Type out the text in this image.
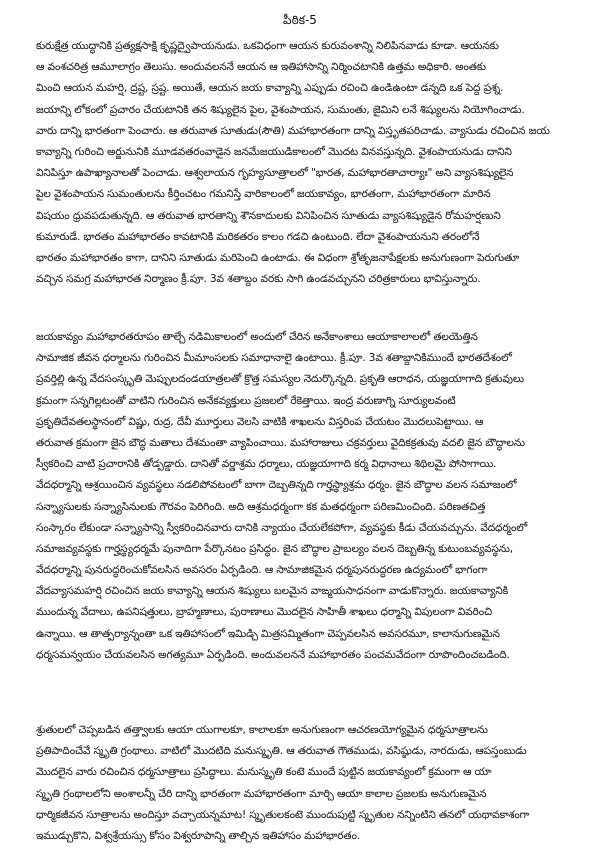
పీఠిక-5
కురుక్షేత్ర యుద్ధానికి ప్రత్యక్షసాక్షి కృష్ణద్వైపాయనుడు. ఒకవిధంగా ఆయన కురువంశాన్ని నిలిపినవాడు కూడా. ఆయనకు
ఆ వంశచరిత్ర ఆమూలాగ్రం తెలుసు. అందువలననే ఆయన ఆ ఇతిహాసాన్ని నిర్మించటానికి ఉత్తమ అధికారి. అంతకు
మించి ఆయన మహర్షి, ద్రష్ట, స్రష్ట. అయితే, ఆయన జయ కావ్యాన్ని ఎప్పుడు రచించి ఉండిఉంటా డన్నది ఒక పెద్ద ప్రశ్న.
జయాన్ని లోకంలో ప్రచారం చేయటానికి తన శిష్యులైన పైల, వైశంపాయన, సుమంతు, జైమిని లనే శిష్యులను నియోగించాడు.
వారు దాన్ని భారతంగా పెంచారు. ఆ తరువాత సూతుడు(సౌతి) మహాభారతంగా దాన్ని విస్తృతపరిచాడు. వ్యాసుడు రచించిన జయ
కావ్యాన్ని గురించి అర్జునునికి మూడవతరంవాడైన జనమేజయుడికాలంలో మొదట వినవస్తున్నది. వైశంపాయనుడు దానిని
వినిపిస్తూ ఉపాఖ్యానాలతో పెంచాడు. ఆశ్వలాయన గృహ్యసూత్రాలలో "భారత, మహాభారతాచార్యాః" అని వ్యాసశిష్యులైన
పైల వైశంపాయన సుమంతులను కీర్తించటం గమనిస్తే వారికాలంలో జయకావ్యం, భారతంగా, మహాభారతంగా మారిన
విషయం ధ్రువపడుతున్నది. ఆ తరువాత భారతాన్ని శౌనకాదులకు వినిపించిన సూతుడు వ్యాసశిష్యుడైన రోమహర్షణుని
కుమారుడే. భారతం మహాభారతం కావటానికి మరికతరం కాలం గడచి ఉంటుంది. లేదా వైశంపాయనుని తరంలోనే
భారతం మహాభారతం కాగా, దానిని సూతుడు మరిపెంచి ఉంటాడు. ఈ విధంగా శ్రోతృజనాపేక్షలకు అనుగుణంగా పెరుగుతూ
వచ్చిన సమగ్ర మహాభారత నిర్మాణం క్రీ.పూ. 3వ శతాబ్దం వరకు సాగి ఉండవచ్చునని చరిత్రకారులు భావిస్తున్నారు.
జయకావ్యం మహాభారతరూపం తాల్చే నడిమికాలంలో అందులో చేరిన అనేకాంశాలు ఆయాకాలాలలో తలయెత్తిన
సామాజిక జీవన ధర్మాలను గురించిన మీమాంసలకు సమాధానాలై ఉంటాయి. క్రీ.పూ. 3వ శతాబ్దానికిముందే భారతదేశంలో
ప్రవర్తిల్లి ఉన్న వేదసంస్కృతి మెప్పులదండయాత్రలతో క్రొత్త సమస్యల నెదుర్కొన్నది. ప్రకృతి ఆరాధన, యజ్ఞయాగాది క్రతువులు
క్రమంగా సన్నగిల్లటంతో వాటిని గురించిన అనేకవ్యక్తులు ప్రజలలో రేకెత్తాయి. ఇంద్ర వరుణాగ్ని సూర్యులవంటి
ప్రకృతిదేవతలస్థానంలో విష్ణు, రుద్ర, దేవీ మూర్తులు వెలసి వాటికి శాఖలను విస్తరింప చేయటం మొదలుపెట్టాయి. ఆ
తరువాత క్రమంగా జైన బౌద్ధ మతాలు దేశమంతా వ్యాపించాయి. మహారాజులు చక్రవర్తులు వైదికక్రతువు వదలి జైన బౌద్ధాలను
స్వీకరించి వాటి ప్రచారానికి తోడ్పడ్డారు. దానితో వర్ణాశ్రమ ధర్మాలు, యజ్ఞయాగాది కర్మ విధానాలు శిథిలమై పోసాగాయి.
వేదధర్మాన్ని ఆశ్రయించిన వ్యవస్థలు నడలిపోవటంలో బాగా దెబ్బతిన్నది గార్హస్థ్యాశ్రమ ధర్మం. జైన బౌద్ధాల వలన సమాజంలో
సన్న్యాసులకు సన్న్యాసినులకు గౌరవం పెరిగింది. అది ఆశ్రమధర్మంగా కక మతధర్మంగా పరిణమించింది. పరిణతచిత్త
సంస్కారం లేకుండా సన్న్యాసాన్ని స్వీకరించినవారు దానికి న్యాయం చేయలేకపోగా, వ్యవస్థకు కీడు చేయవచ్చును. వేదధర్మంలో
సమాజవ్యవస్థకు గార్హస్థ్యధర్మమే పునాదిగా పేర్కొనటం ప్రసిద్ధం. జైన బౌద్ధాల ప్రాబల్యం వలన దెబ్బతిన్న కుటుంబవ్యవస్థను,
వేదధర్మాన్ని పునరుద్ధరించుకోవలసిన అవసరం ఏర్పడింది. ఆ సామాజికమైన ధర్మపునరుద్ధరణ ఉద్యమంలో భాగంగా
వేదవ్యాసమహర్షి రచించిన జయ కావ్యాన్ని ఆయన శిష్యులు బలమైన వాఙ్మయసాధనంగా వాడుకొన్నారు. జయకావ్యానికి
ముందున్న వేదాలు, ఉపనిషత్తులు, బ్రాహ్మణాలు, పురాణాలు మొదలైన సాహితీ శాఖలు ధర్మాన్ని విపులంగా వివరించి
ఉన్నాయి. ఆ తాత్పర్యాన్నంతా ఒక ఇతిహాసంలో ఇమిడ్చి మిత్రసమ్మితంగా చెప్పవలసిన అవసరమూ, కాలానుగుణమైన
ధర్మసమన్వయం చేయవలసిన అగత్యమూ ఏర్పడింది. అందువలననే మహాభారతం పంచమవేదంగా రూపొందించబడింది.
శ్రుతులలో చెప్పబడిన తత్త్వాలకు ఆయా యుగాలకూ, కాలాలకూ అనుగుణంగా ఆచరణయోగ్యమైన ధర్మసూత్రాలను
ప్రతిపాదించేవే స్మృతి గ్రంథాలు. వాటిలో మొదటిది మనుస్మృతి. ఆ తరువాత గౌతముడు, వసిష్ఠుడు, నారదుడు, ఆపస్తంబుడు
మొదలైన వారు రచించిన ధర్మసూత్రాలు ప్రసిద్ధాలు. మనుస్మృతి కంటె ముందే పుట్టిన జయకావ్యంలో క్రమంగా ఆ యా
స్మృతి గ్రంథాలలోని అంశాలన్నీ చేరి దాన్ని భారతంగా మహాభారతంగా మార్చి ఆయా కాలాల ప్రజలకు అనుగుణమైన
ధార్మికజీవన సూత్రాలను అందిస్తూ వచ్చాయన్నమాట! స్మృతులకంటె ముందుపుట్టి స్మృతుల నన్నింటిని తనలో యథావకాశంగా
ఇముడ్చుకొని, విశ్వశ్రేయస్సు కోసం విశ్వరూపాన్ని తాల్చిన ఇతిహాసం మహాభారతం.
